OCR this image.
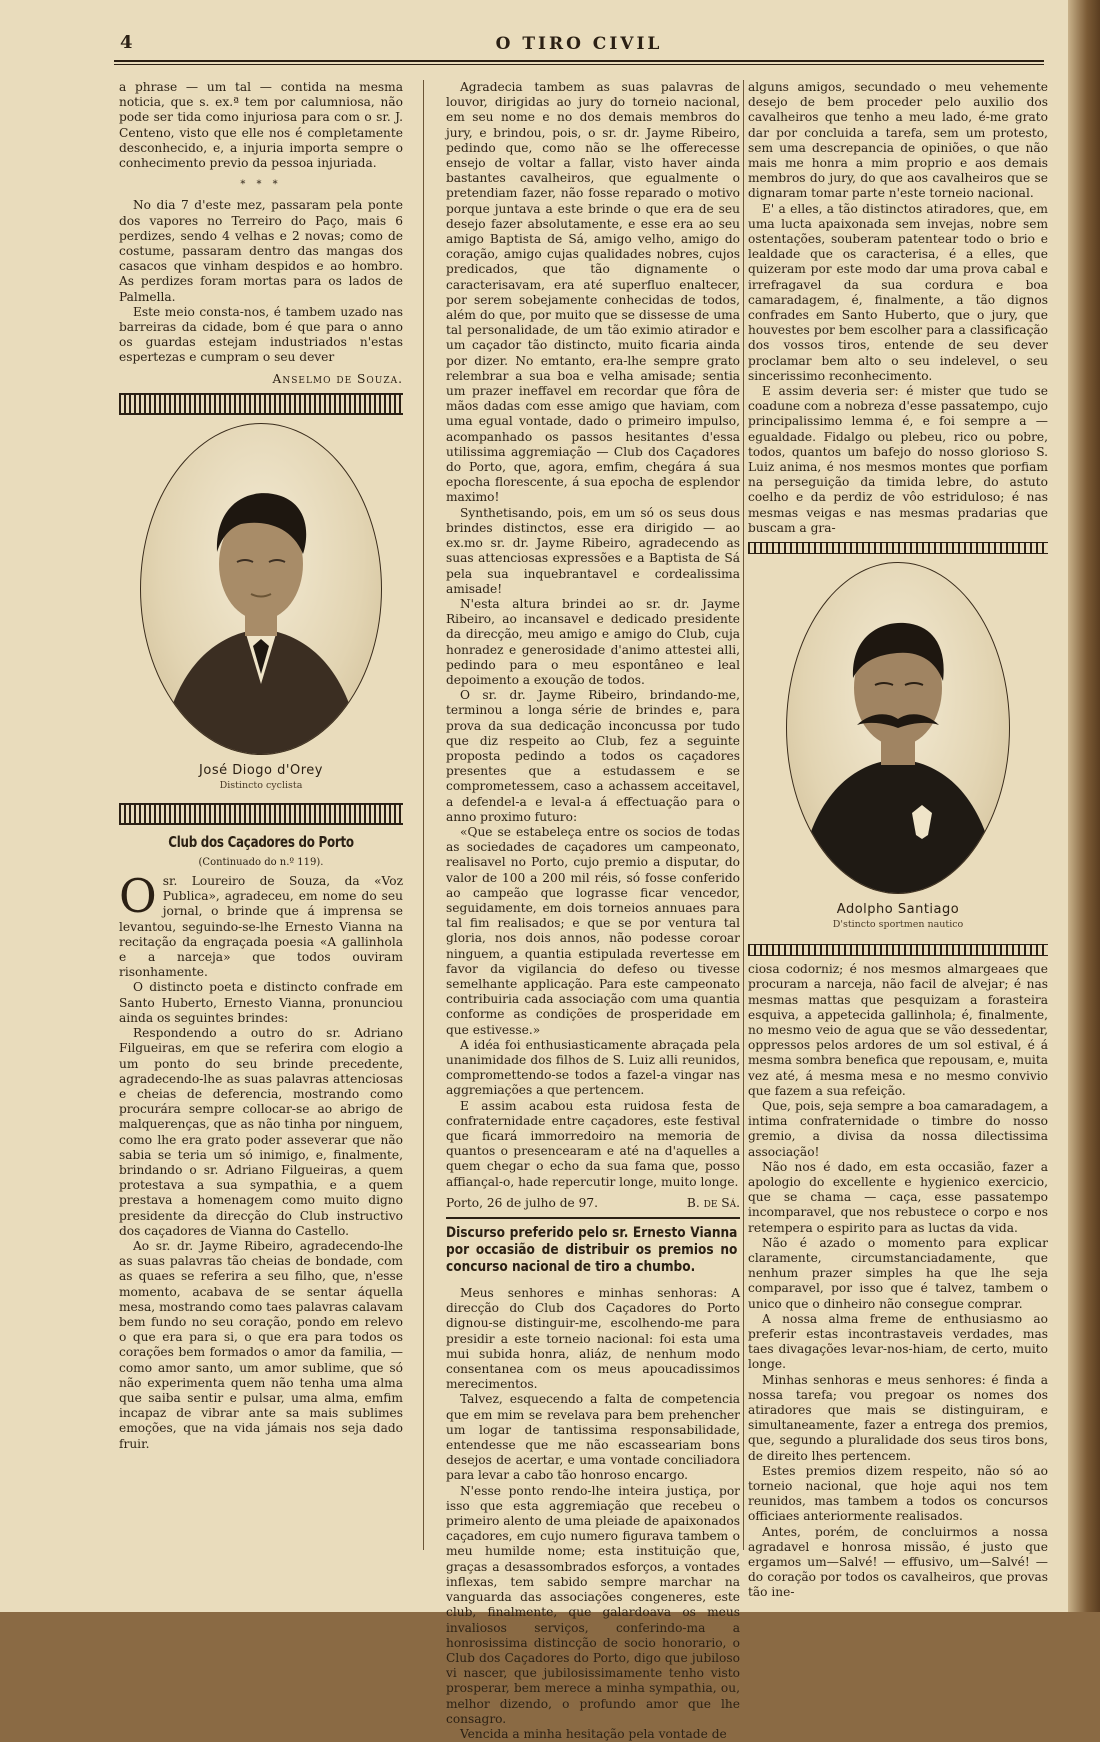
4	O TIRO CIVIL

a phrase — um tal — contida na mesma noticia, que s. ex.ª tem por calumniosa, não pode ser tida como injuriosa para com o sr. J. Centeno, visto que elle nos é completamente desconhecido, e, a injuria importa sempre o conhecimento previo da pessoa injuriada.

* * *

No dia 7 d'este mez, passaram pela ponte dos vapores no Terreiro do Paço, mais 6 perdizes, sendo 4 velhas e 2 novas; como de costume, passaram dentro das mangas dos casacos que vinham despidos e ao hombro. As perdizes foram mortas para os lados de Palmella.

Este meio consta-nos, é tambem uzado nas barreiras da cidade, bom é que para o anno os guardas estejam industriados n'estas espertezas e cumpram o seu dever

Anselmo de Souza.
José Diogo d'Orey
Distincto cyclista
Club dos Caçadores do Porto
(Continuado do n.º 119).
O sr. Loureiro de Souza, da «Voz Publica», agradeceu, em nome do seu jornal, o brinde que á imprensa se levantou, seguindo-se-lhe Ernesto Vianna na recitação da engraçada poesia «A gallinhola e a narceja» que todos ouviram risonhamente.

O distincto poeta e distincto confrade em Santo Huberto, Ernesto Vianna, pronunciou ainda os seguintes brindes:

Respondendo a outro do sr. Adriano Filgueiras, em que se referira com elogio a um ponto do seu brinde precedente, agradecendo-lhe as suas palavras attenciosas e cheias de deferencia, mostrando como procurára sempre collocar-se ao abrigo de malquerenças, que as não tinha por ninguem, como lhe era grato poder asseverar que não sabia se teria um só inimigo, e, finalmente, brindando o sr. Adriano Filgueiras, a quem protestava a sua sympathia, e a quem prestava a homenagem como muito digno presidente da direcção do Club instructivo dos caçadores de Vianna do Castello.

Ao sr. dr. Jayme Ribeiro, agradecendo-lhe as suas palavras tão cheias de bondade, com as quaes se referira a seu filho, que, n'esse momento, acabava de se sentar áquella mesa, mostrando como taes palavras calavam bem fundo no seu coração, pondo em relevo o que era para si, o que era para todos os corações bem formados o amor da familia, — como amor santo, um amor sublime, que só não experimenta quem não tenha uma alma que saiba sentir e pulsar, uma alma, emfim incapaz de vibrar ante sa mais sublimes emoções, que na vida jámais nos seja dado fruir.

Agradecia tambem as suas palavras de louvor, dirigidas ao jury do torneio nacional, em seu nome e no dos demais membros do jury, e brindou, pois, o sr. dr. Jayme Ribeiro, pedindo que, como não se lhe offerecesse ensejo de voltar a fallar, visto haver ainda bastantes cavalheiros, que egualmente o pretendiam fazer, não fosse reparado o motivo porque juntava a este brinde o que era de seu desejo fazer absolutamente, e esse era ao seu amigo Baptista de Sá, amigo velho, amigo do coração, amigo cujas qualidades nobres, cujos predicados, que tão dignamente o caracterisavam, era até superfluo enaltecer, por serem sobejamente conhecidas de todos, além do que, por muito que se dissesse de uma tal personalidade, de um tão eximio atirador e um caçador tão distincto, muito ficaria ainda por dizer. No emtanto, era-lhe sempre grato relembrar a sua boa e velha amisade; sentia um prazer ineffavel em recordar que fôra de mãos dadas com esse amigo que haviam, com uma egual vontade, dado o primeiro impulso, acompanhado os passos hesitantes d'essa utilissima aggremiação — Club dos Caçadores do Porto, que, agora, emfim, chegára á sua epocha florescente, á sua epocha de esplendor maximo!

Synthetisando, pois, em um só os seus dous brindes distinctos, esse era dirigido — ao ex.mo sr. dr. Jayme Ribeiro, agradecendo as suas attenciosas expressões e a Baptista de Sá pela sua inquebrantavel e cordealissima amisade!

N'esta altura brindei ao sr. dr. Jayme Ribeiro, ao incansavel e dedicado presidente da direcção, meu amigo e amigo do Club, cuja honradez e generosidade d'animo attestei alli, pedindo para o meu espontâneo e leal depoimento a exoução de todos.

O sr. dr. Jayme Ribeiro, brindando-me, terminou a longa série de brindes e, para prova da sua dedicação inconcussa por tudo que diz respeito ao Club, fez a seguinte proposta pedindo a todos os caçadores presentes que a estudassem e se comprometessem, caso a achassem acceitavel, a defendel-a e leval-a á effectuação para o anno proximo futuro:

«Que se estabeleça entre os socios de todas as sociedades de caçadores um campeonato, realisavel no Porto, cujo premio a disputar, do valor de 100 a 200 mil réis, só fosse conferido ao campeão que lograsse ficar vencedor, seguidamente, em dois torneios annuaes para tal fim realisados; e que se por ventura tal gloria, nos dois annos, não podesse coroar ninguem, a quantia estipulada revertesse em favor da vigilancia do defeso ou tivesse semelhante applicação. Para este campeonato contribuiria cada associação com uma quantia conforme as condições de prosperidade em que estivesse.»

A idéa foi enthusiasticamente abraçada pela unanimidade dos filhos de S. Luiz alli reunidos, compromettendo-se todos a fazel-a vingar nas aggremiações a que pertencem.

E assim acabou esta ruidosa festa de confraternidade entre caçadores, este festival que ficará immorredoiro na memoria de quantos o presencearam e até na d'aquelles a quem chegar o echo da sua fama que, posso affiançal-o, hade repercutir longe, muito longe.

Porto, 26 de julho de 97.	B. de Sá.
Discurso preferido pelo sr. Ernesto Vianna por occasião de distribuir os premios no concurso nacional de tiro a chumbo.

Meus senhores e minhas senhoras: A direcção do Club dos Caçadores do Porto dignou-se distinguir-me, escolhendo-me para presidir a este torneio nacional: foi esta uma mui subida honra, aliáz, de nenhum modo consentanea com os meus apoucadissimos merecimentos.

Talvez, esquecendo a falta de competencia que em mim se revelava para bem prehencher um logar de tantissima responsabilidade, entendesse que me não escasseariam bons desejos de acertar, e uma vontade conciliadora para levar a cabo tão honroso encargo.

N'esse ponto rendo-lhe inteira justiça, por isso que esta aggremiação que recebeu o primeiro alento de uma pleiade de apaixonados caçadores, em cujo numero figurava tambem o meu humilde nome; esta instituição que, graças a desassombrados esforços, a vontades inflexas, tem sabido sempre marchar na vanguarda das associações congeneres, este club, finalmente, que galardoava os meus invaliosos serviços, conferindo-ma a honrosissima distincção de socio honorario, o Club dos Caçadores do Porto, digo que jubiloso vi nascer, que jubilosissimamente tenho visto prosperar, bem merece a minha sympathia, ou, melhor dizendo, o profundo amor que lhe consagro.

Vencida a minha hesitação pela vontade de

alguns amigos, secundado o meu vehemente desejo de bem proceder pelo auxilio dos cavalheiros que tenho a meu lado, é-me grato dar por concluida a tarefa, sem um protesto, sem uma descrepancia de opiniões, o que não mais me honra a mim proprio e aos demais membros do jury, do que aos cavalheiros que se dignaram tomar parte n'este torneio nacional.

E' a elles, a tão distinctos atiradores, que, em uma lucta apaixonada sem invejas, nobre sem ostentações, souberam patentear todo o brio e lealdade que os caracterisa, é a elles, que quizeram por este modo dar uma prova cabal e irrefragavel da sua cordura e boa camaradagem, é, finalmente, a tão dignos confrades em Santo Huberto, que o jury, que houvestes por bem escolher para a classificação dos vossos tiros, entende de seu dever proclamar bem alto o seu indelevel, o seu sincerissimo reconhecimento.

E assim deveria ser: é mister que tudo se coadune com a nobreza d'esse passatempo, cujo principalissimo lemma é, e foi sempre a — egualdade. Fidalgo ou plebeu, rico ou pobre, todos, quantos um bafejo do nosso glorioso S. Luiz anima, é nos mesmos montes que porfiam na perseguição da timida lebre, do astuto coelho e da perdiz de vôo estriduloso; é nas mesmas veigas e nas mesmas pradarias que buscam a gra-

Adolpho Santiago
D'stincto sportmen nautico

ciosa codorniz; é nos mesmos almargeaes que procuram a narceja, não facil de alvejar; é nas mesmas mattas que pesquizam a forasteira esquiva, a appetecida gallinhola; é, finalmente, no mesmo veio de agua que se vão dessedentar, oppressos pelos ardores de um sol estival, é á mesma sombra benefica que repousam, e, muita vez até, á mesma mesa e no mesmo convivio que fazem a sua refeição.

Que, pois, seja sempre a boa camaradagem, a intima confraternidade o timbre do nosso gremio, a divisa da nossa dilectissima associação!

Não nos é dado, em esta occasião, fazer a apologio do excellente e hygienico exercicio, que se chama — caça, esse passatempo incomparavel, que nos rebustece o corpo e nos retempera o espirito para as luctas da vida.

Não é azado o momento para explicar claramente, circumstanciadamente, que nenhum prazer simples ha que lhe seja comparavel, por isso que é talvez, tambem o unico que o dinheiro não consegue comprar.

A nossa alma freme de enthusiasmo ao preferir estas incontrastaveis verdades, mas taes divagações levar-nos-hiam, de certo, muito longe.

Minhas senhoras e meus senhores: é finda a nossa tarefa; vou pregoar os nomes dos atiradores que mais se distinguiram, e simultaneamente, fazer a entrega dos premios, que, segundo a pluralidade dos seus tiros bons, de direito lhes pertencem.

Estes premios dizem respeito, não só ao torneio nacional, que hoje aqui nos tem reunidos, mas tambem a todos os concursos officiaes anteriormente realisados.

Antes, porém, de concluirmos a nossa agradavel e honrosa missão, é justo que ergamos um—Salvé! — effusivo, um—Salvé! —do coração por todos os cavalheiros, que provas tão ine-
